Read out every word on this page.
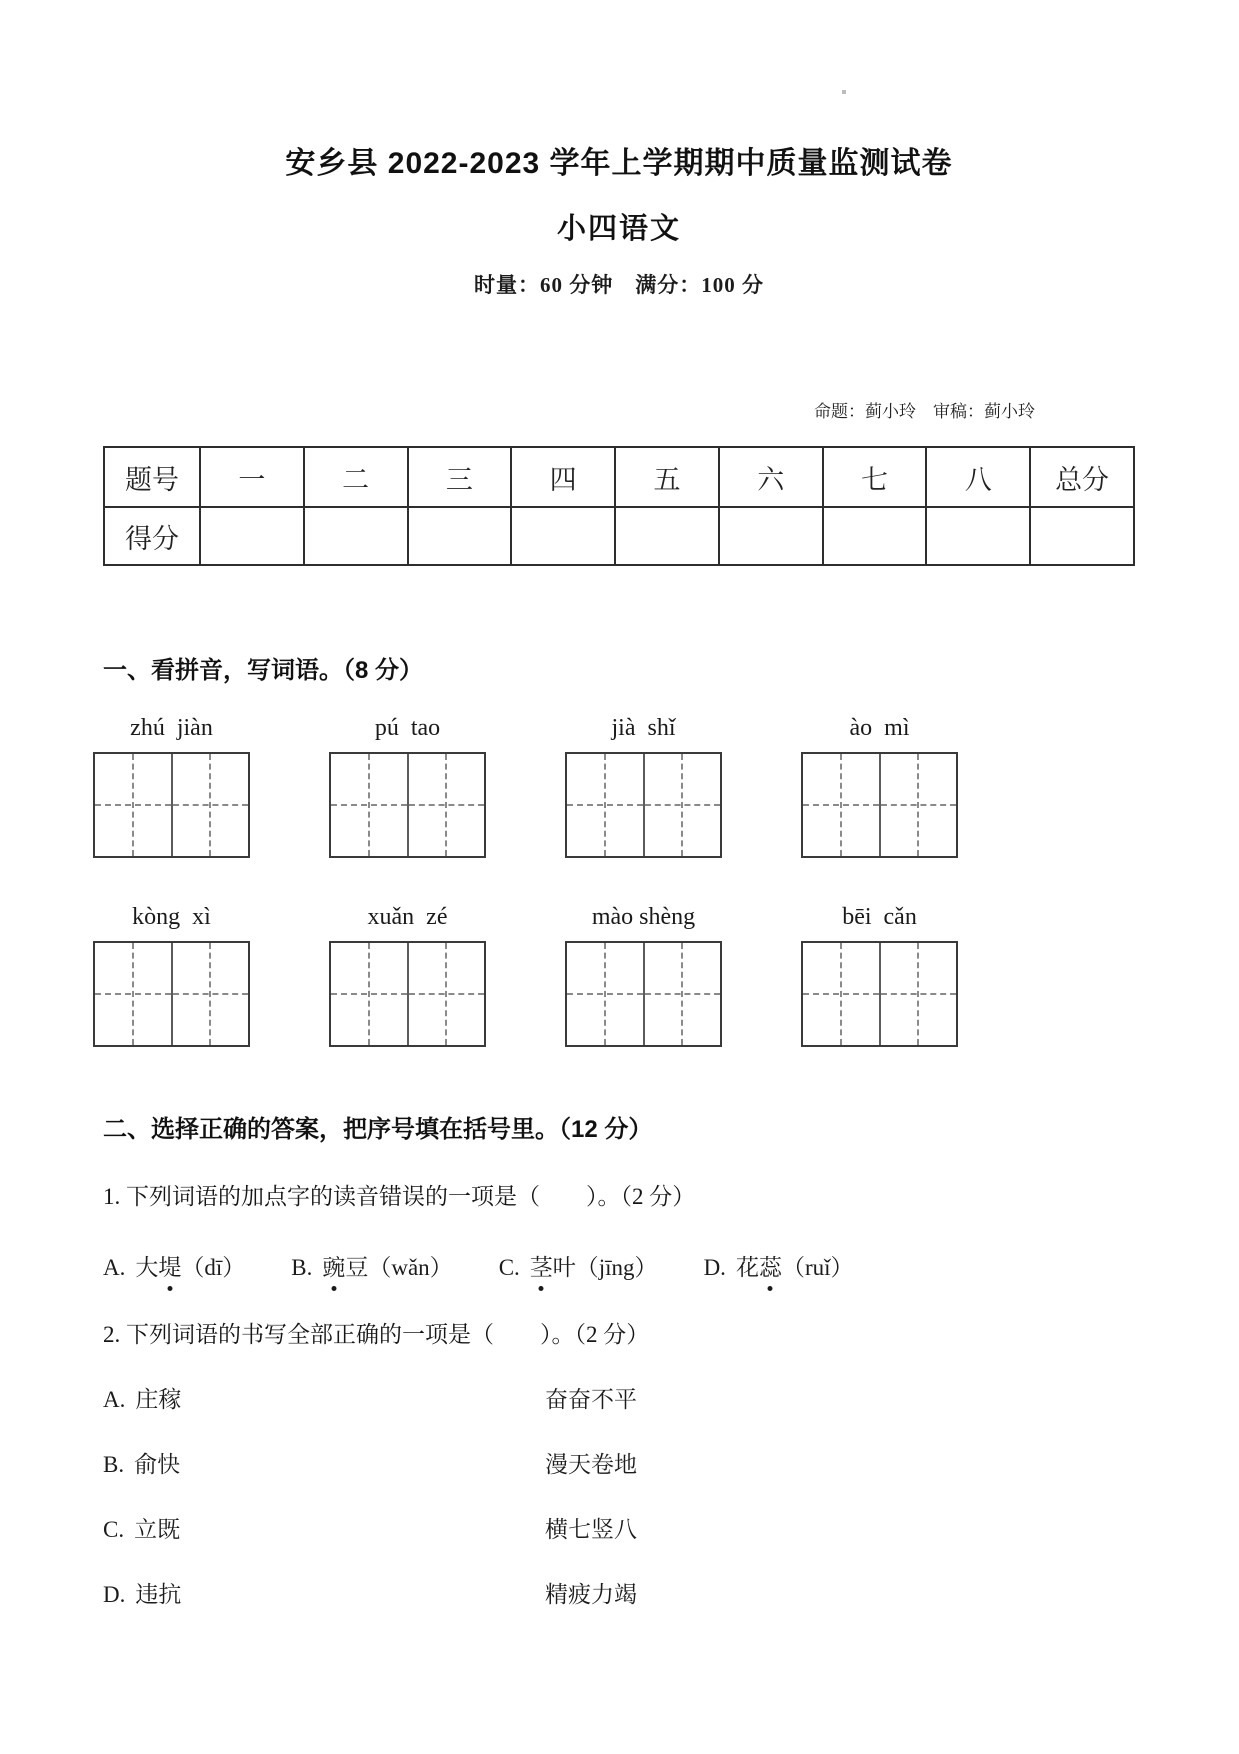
安乡县 2022-2023 学年上学期期中质量监测试卷
小四语文
时量：60 分钟　满分：100 分
命题：蓟小玲　审稿：蓟小玲
题号	一	二	三	四	五	六	七	八	总分
得分									
一、看拼音，写词语。（8 分）
zhú  jiàn	pú  tao	jià  shǐ	ào  mì
kòng  xì	xuǎn  zé	mào shèng	bēi  cǎn
二、选择正确的答案，把序号填在括号里。（12 分）
1. 下列词语的加点字的读音错误的一项是（　　）。（2 分）
A. 大堤（dī） B. 豌豆（wǎn） C. 茎叶（jīng） D. 花蕊（ruǐ）
2. 下列词语的书写全部正确的一项是（　　）。（2 分）
A. 庄稼	奋奋不平
B. 俞快	漫天卷地
C. 立既	横七竖八
D. 违抗	精疲力竭
